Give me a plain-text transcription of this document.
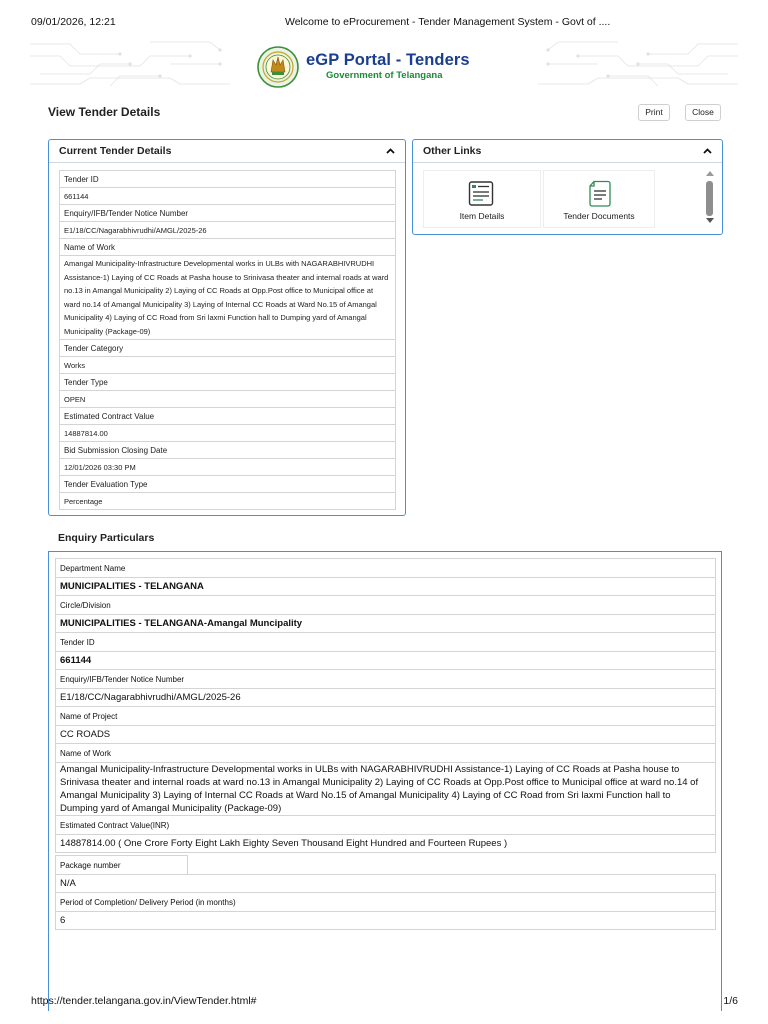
09/01/2026, 12:21	Welcome to eProcurement - Tender Management System - Govt of ....
eGP Portal - Tenders
Government of Telangana
View Tender Details	Print	Close
Current Tender Details
Tender ID
661144
Enquiry/IFB/Tender Notice Number
E1/18/CC/Nagarabhivrudhi/AMGL/2025-26
Name of Work
Amangal Municipality-Infrastructure Developmental works in ULBs with NAGARABHIVRUDHI Assistance-1) Laying of CC Roads at Pasha house to Srinivasa theater and internal roads at ward no.13 in Amangal Municipality 2) Laying of CC Roads at Opp.Post office to Municipal office at ward no.14 of Amangal Municipality 3) Laying of Internal CC Roads at Ward No.15 of Amangal Municipality 4) Laying of CC Road from Sri laxmi Function hall to Dumping yard of Amangal Municipality (Package-09)
Tender Category
Works
Tender Type
OPEN
Estimated Contract Value
14887814.00
Bid Submission Closing Date
12/01/2026 03:30 PM
Tender Evaluation Type
Percentage
Other Links
Item Details	Tender Documents
Enquiry Particulars
Department Name
MUNICIPALITIES - TELANGANA
Circle/Division
MUNICIPALITIES - TELANGANA-Amangal Muncipality
Tender ID
661144
Enquiry/IFB/Tender Notice Number
E1/18/CC/Nagarabhivrudhi/AMGL/2025-26
Name of Project
CC ROADS
Name of Work
Amangal Municipality-Infrastructure Developmental works in ULBs with NAGARABHIVRUDHI Assistance-1) Laying of CC Roads at Pasha house to Srinivasa theater and internal roads at ward no.13 in Amangal Municipality 2) Laying of CC Roads at Opp.Post office to Municipal office at ward no.14 of Amangal Municipality 3) Laying of Internal CC Roads at Ward No.15 of Amangal Municipality 4) Laying of CC Road from Sri laxmi Function hall to Dumping yard of Amangal Municipality (Package-09)
Estimated Contract Value(INR)
14887814.00 ( One Crore Forty Eight Lakh Eighty Seven Thousand Eight Hundred and Fourteen Rupees )
Package number	
N/A
Period of Completion/ Delivery Period (in months)
6
https://tender.telangana.gov.in/ViewTender.html#	1/6
